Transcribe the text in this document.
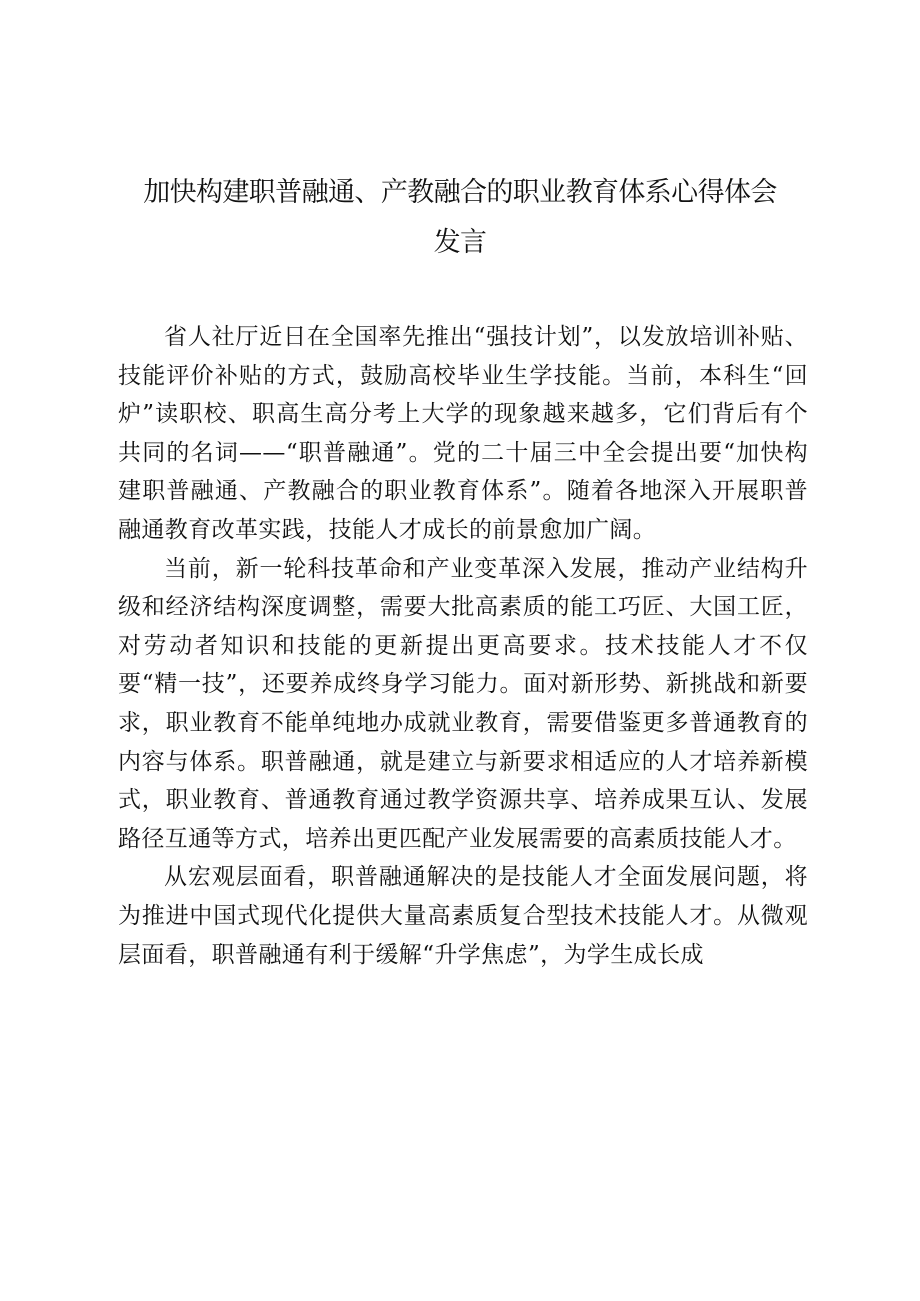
加快构建职普融通、产教融合的职业教育体系心得体会
发言

省人社厅近日在全国率先推出“强技计划”，以发放培训补贴、技能评价补贴的方式，鼓励高校毕业生学技能。当前，本科生“回炉”读职校、职高生高分考上大学的现象越来越多，它们背后有个共同的名词——“职普融通”。党的二十届三中全会提出要“加快构建职普融通、产教融合的职业教育体系”。随着各地深入开展职普融通教育改革实践，技能人才成长的前景愈加广阔。

当前，新一轮科技革命和产业变革深入发展，推动产业结构升级和经济结构深度调整，需要大批高素质的能工巧匠、大国工匠，对劳动者知识和技能的更新提出更高要求。技术技能人才不仅要“精一技”，还要养成终身学习能力。面对新形势、新挑战和新要求，职业教育不能单纯地办成就业教育，需要借鉴更多普通教育的内容与体系。职普融通，就是建立与新要求相适应的人才培养新模式，职业教育、普通教育通过教学资源共享、培养成果互认、发展路径互通等方式，培养出更匹配产业发展需要的高素质技能人才。

从宏观层面看，职普融通解决的是技能人才全面发展问题，将为推进中国式现代化提供大量高素质复合型技术技能人才。从微观层面看，职普融通有利于缓解“升学焦虑”，为学生成长成
